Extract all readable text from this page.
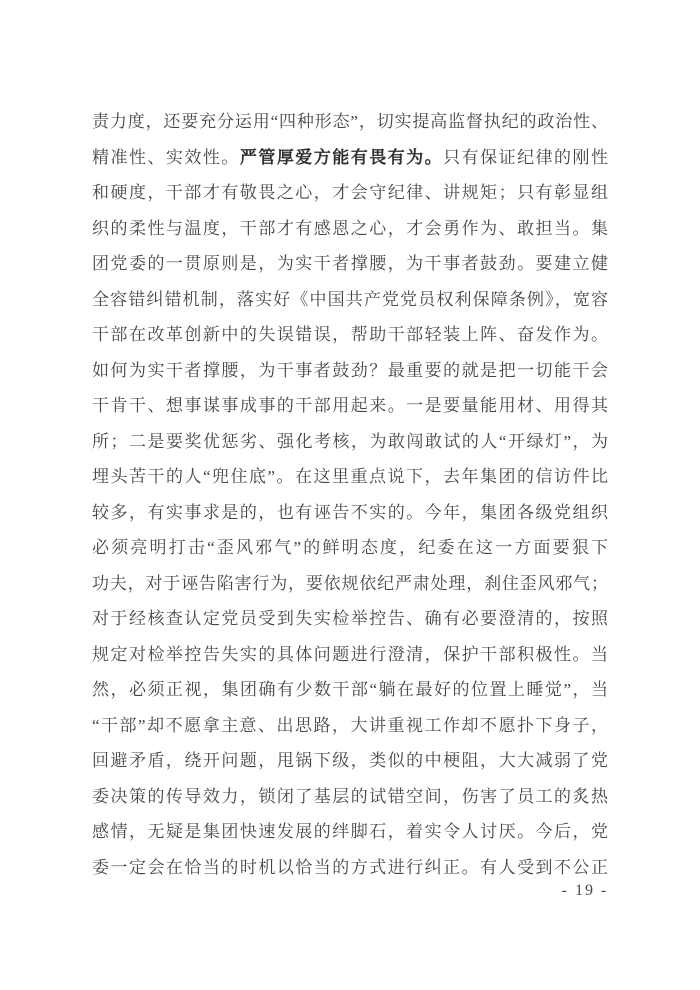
责力度，还要充分运用“四种形态”，切实提高监督执纪的政治性、
精准性、实效性。严管厚爱方能有畏有为。只有保证纪律的刚性
和硬度，干部才有敬畏之心，才会守纪律、讲规矩；只有彰显组
织的柔性与温度，干部才有感恩之心，才会勇作为、敢担当。集
团党委的一贯原则是，为实干者撑腰，为干事者鼓劲。要建立健
全容错纠错机制，落实好《中国共产党党员权利保障条例》，宽容
干部在改革创新中的失误错误，帮助干部轻装上阵、奋发作为。
如何为实干者撑腰，为干事者鼓劲？最重要的就是把一切能干会
干肯干、想事谋事成事的干部用起来。一是要量能用材、用得其
所；二是要奖优惩劣、强化考核，为敢闯敢试的人“开绿灯”，为
埋头苦干的人“兜住底”。在这里重点说下，去年集团的信访件比
较多，有实事求是的，也有诬告不实的。今年，集团各级党组织
必须亮明打击“歪风邪气”的鲜明态度，纪委在这一方面要狠下
功夫，对于诬告陷害行为，要依规依纪严肃处理，刹住歪风邪气；
对于经核查认定党员受到失实检举控告、确有必要澄清的，按照
规定对检举控告失实的具体问题进行澄清，保护干部积极性。当
然，必须正视，集团确有少数干部“躺在最好的位置上睡觉”，当
“干部”却不愿拿主意、出思路，大讲重视工作却不愿扑下身子，
回避矛盾，绕开问题，甩锅下级，类似的中梗阻，大大减弱了党
委决策的传导效力，锁闭了基层的试错空间，伤害了员工的炙热
感情，无疑是集团快速发展的绊脚石，着实令人讨厌。今后，党
委一定会在恰当的时机以恰当的方式进行纠正。有人受到不公正
- 19 -
